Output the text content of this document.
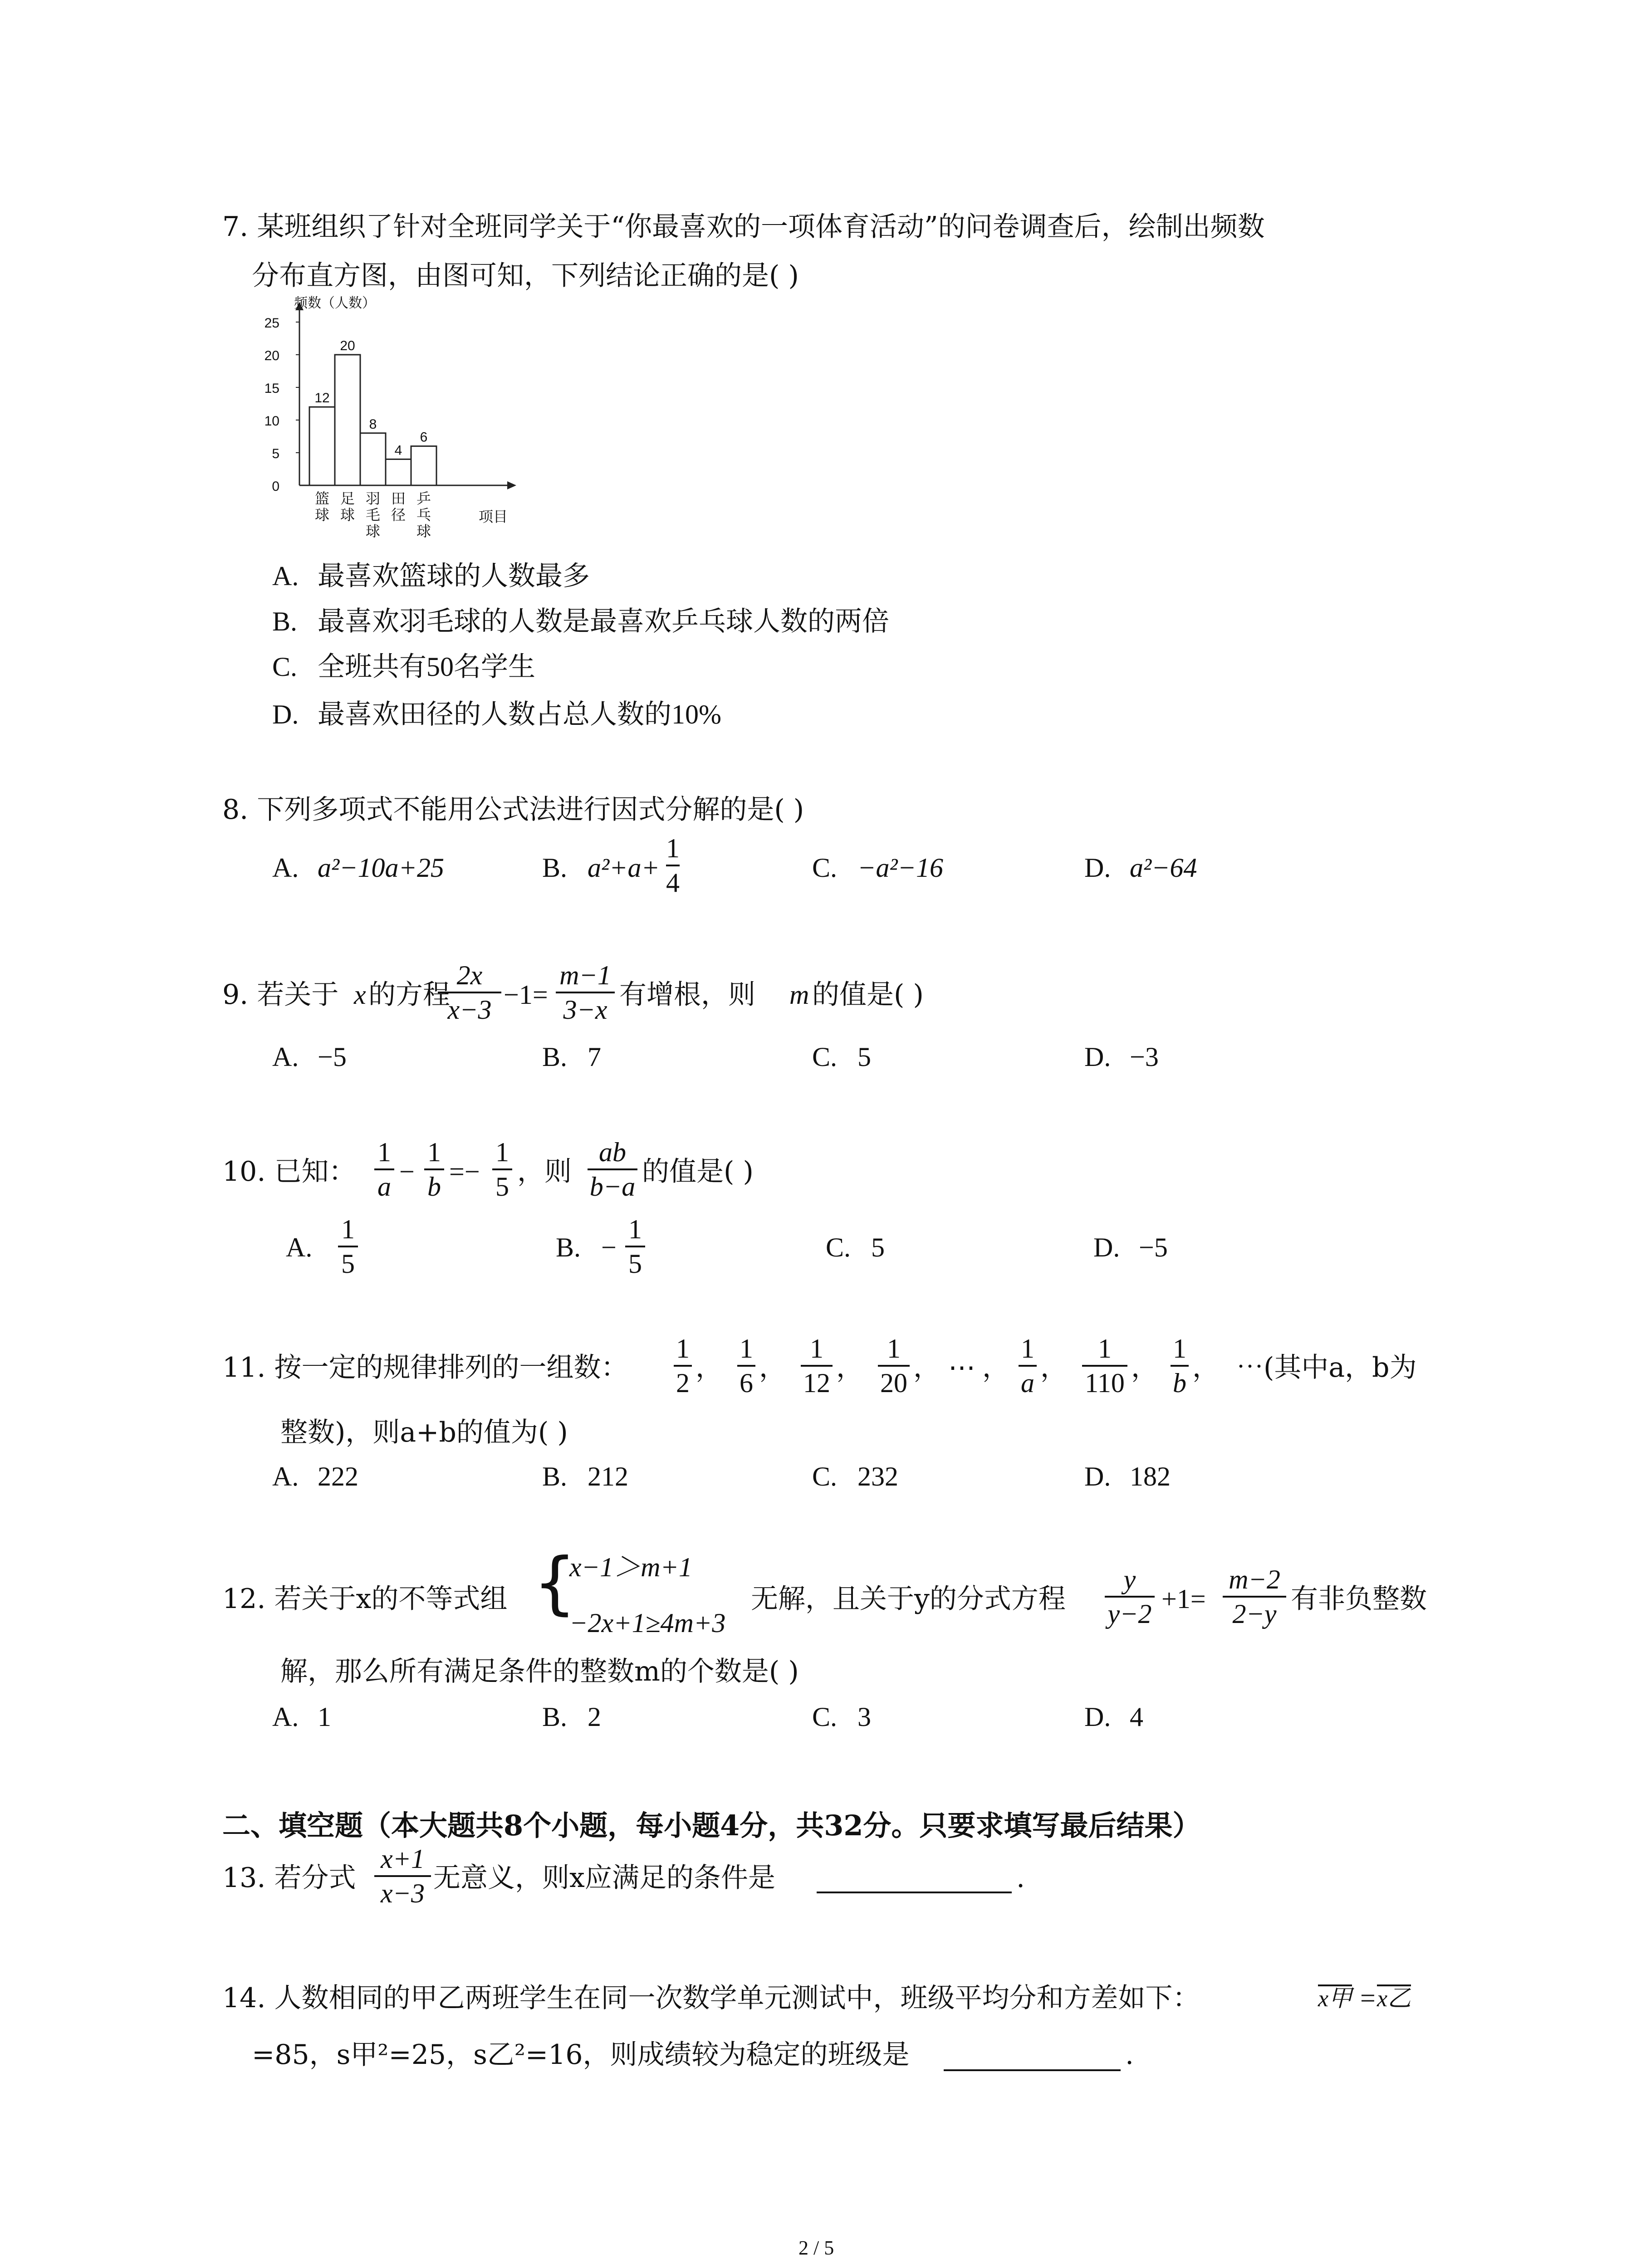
7. 某班组织了针对全班同学关于“你最喜欢的一项体育活动”的问卷调查后，绘制出频数
分布直方图，由图可知，下列结论正确的是( )
0
5
10
15
20
25
频数（人数）
项目
12
篮
球
20
足
球
8
羽
毛
球
4
田
径
6
乒
乓
球
A. 最喜欢篮球的人数最多
B. 最喜欢羽毛球的人数是最喜欢乒乓球人数的两倍
C. 全班共有50名学生
D. 最喜欢田径的人数占总人数的10%
8. 下列多项式不能用公式法进行因式分解的是( )
A. a²−10a+25	B. a²+a+
1
4	C. −a²−16	D. a²−64
9. 若关于 x 的方程
2x
x−3 −1=
m−1
3−x 有增根，则 m 的值是( )
A. −5	B. 7	C. 5	D. −3
10. 已知：
1
a −
1
b =−
1
5 ，则
ab
b−a 的值是( )
A.
1
5
B. −
1
5
C. 5	D. −5
11. 按一定的规律排列的一组数：
1
2 ，
1
6 ，
1
12 ，
1
20 ， ⋯ ，
1
a ，
1
110 ，
1
b ， ⋯(其中a，b为
整数)，则a+b的值为( )
A. 222	B. 212	C. 232	D. 182
12. 若关于x的不等式组 {
x−1＞m+1
−2x+1≥4m+3
无解，且关于y的分式方程
y
y−2 +1=
m−2
2−y 有非负整数
解，那么所有满足条件的整数m的个数是( )
A. 1	B. 2	C. 3	D. 4
二、填空题（本大题共8个小题，每小题4分，共32分。只要求填写最后结果）
13. 若分式
x+1
x−3 无意义，则x应满足的条件是	.
14. 人数相同的甲乙两班学生在同一次数学单元测试中，班级平均分和方差如下：	x甲 = x乙
=85，s甲²=25，s乙²=16，则成绩较为稳定的班级是	.
2 / 5
